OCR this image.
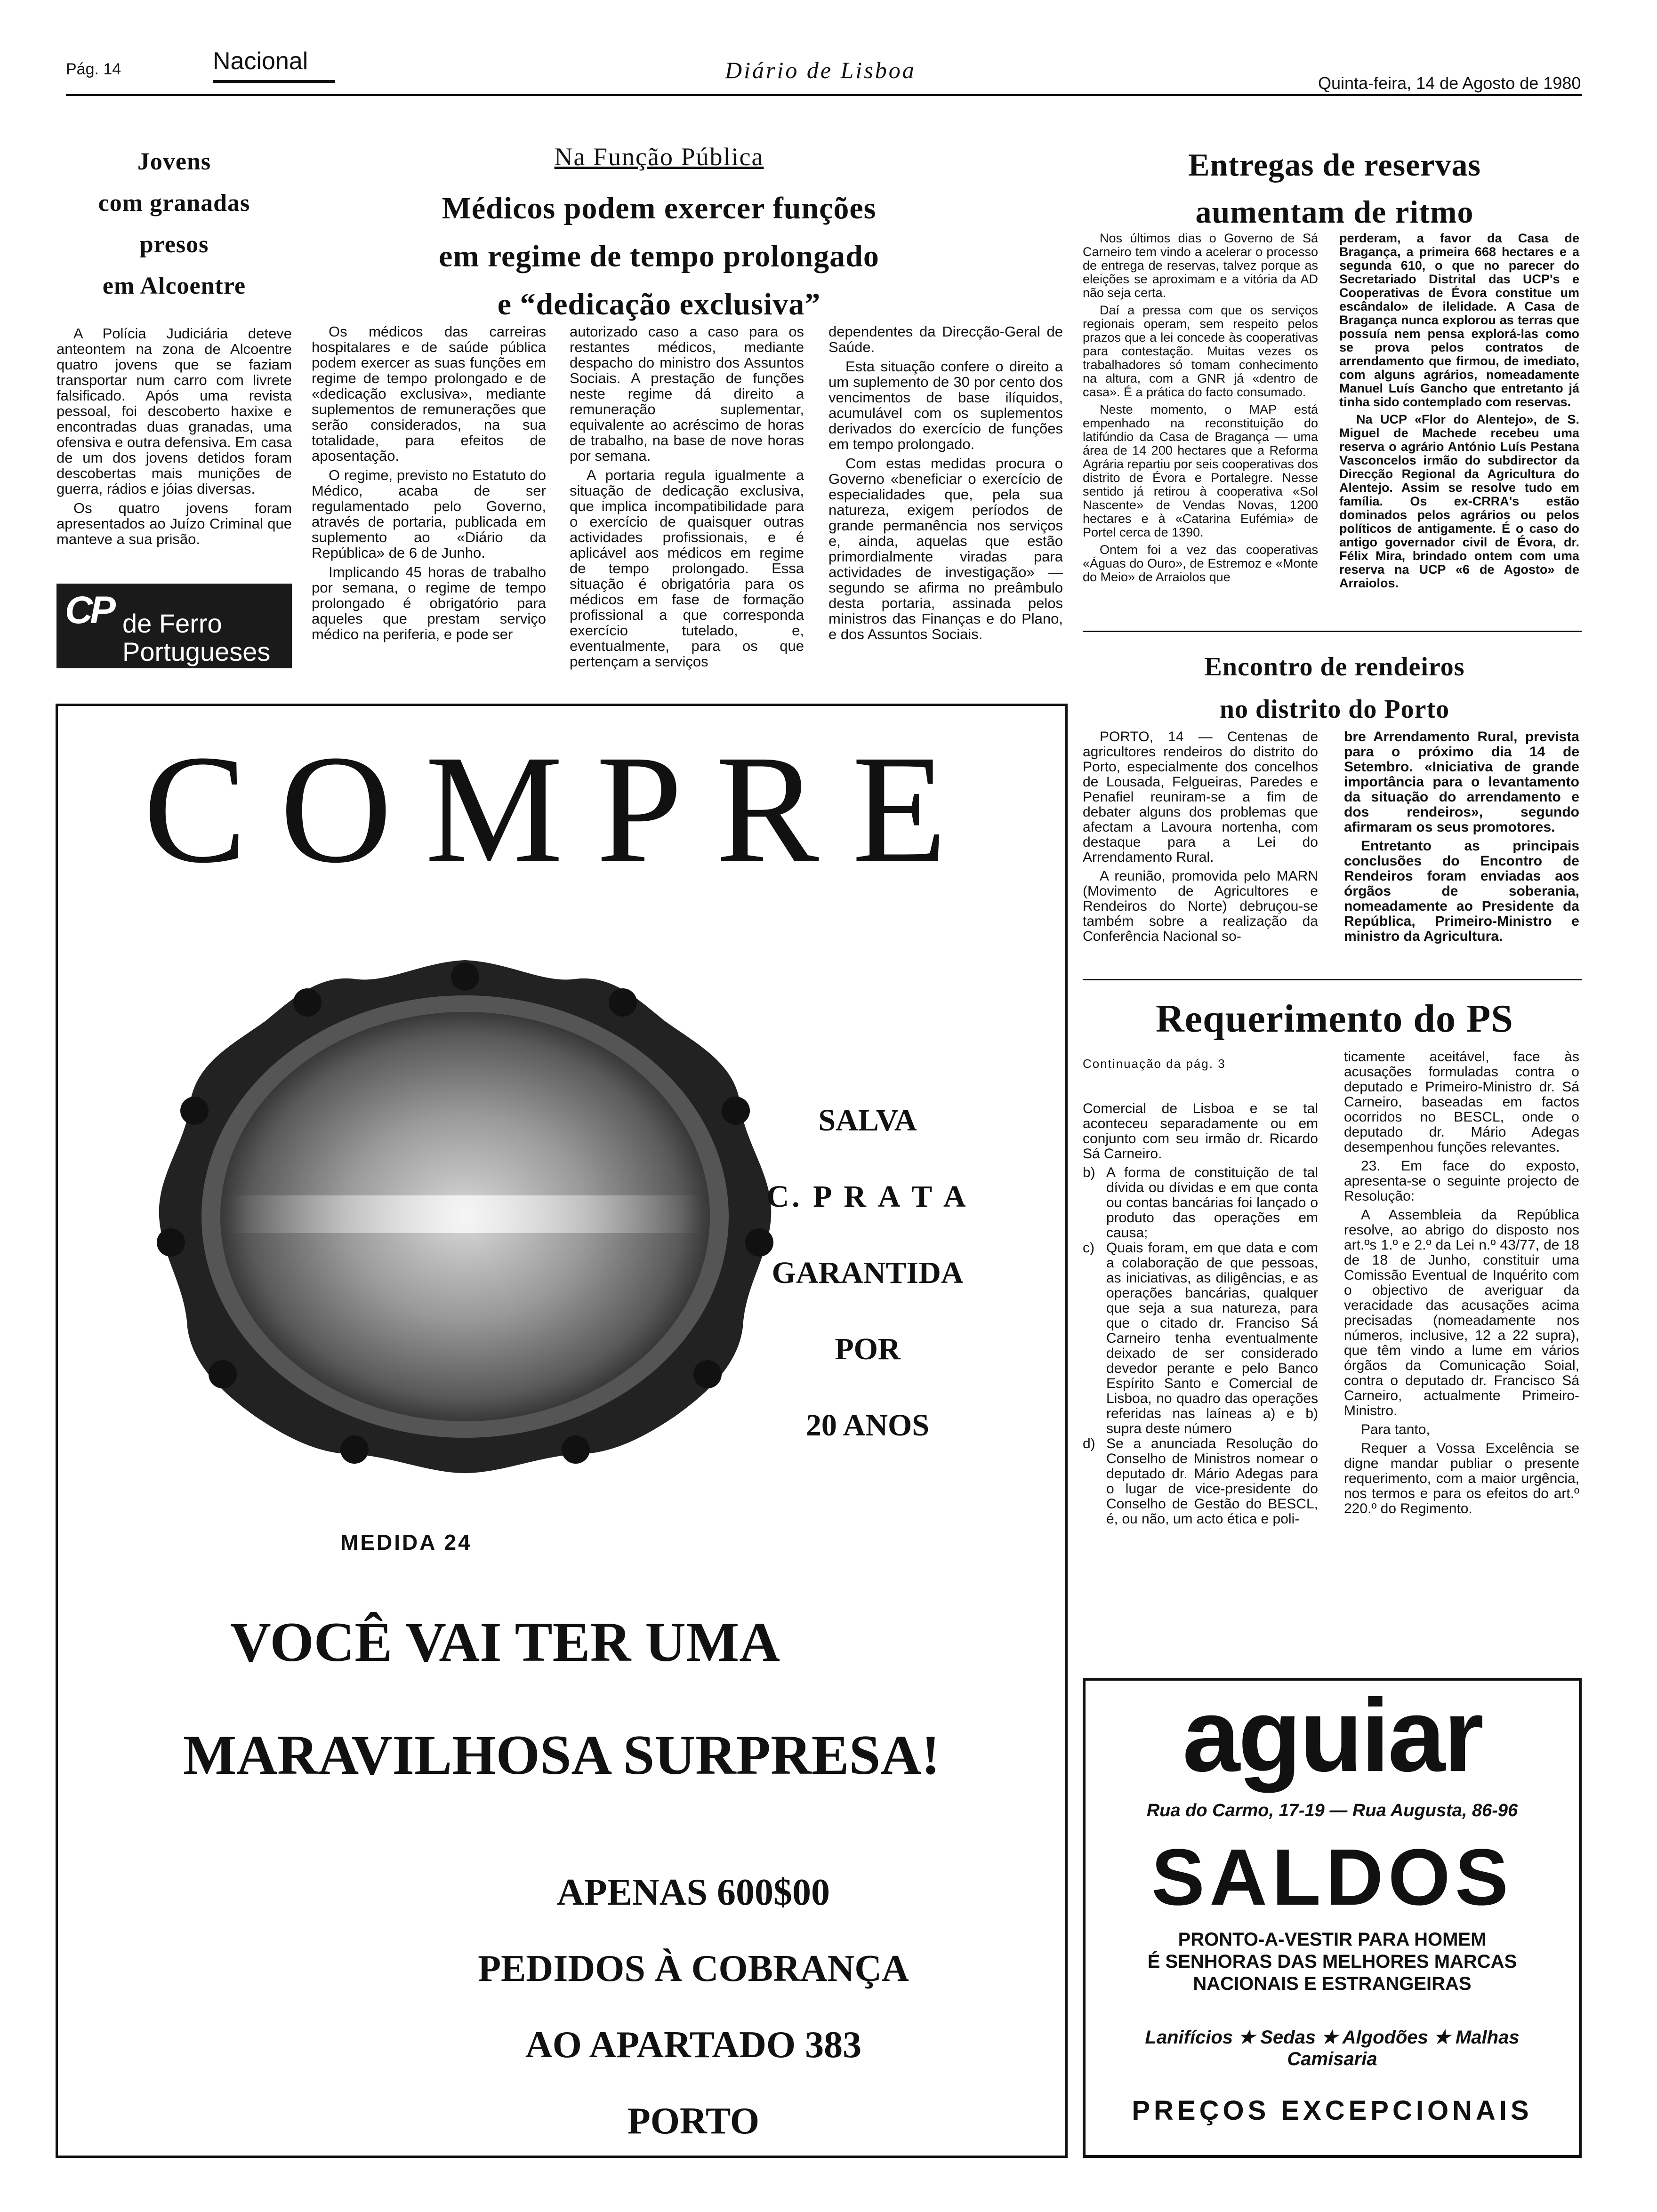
Pág. 14	Nacional	Diário de Lisboa	Quinta-feira, 14 de Agosto de 1980
Jovens
com granadas
presos
em Alcoentre

A Polícia Judiciária deteve anteontem na zona de Alcoentre quatro jovens que se faziam transportar num carro com livrete falsificado. Após uma revista pessoal, foi descoberto haxixe e encontradas duas granadas, uma ofensiva e outra defensiva. Em casa de um dos jovens detidos foram descobertas mais munições de guerra, rádios e jóias diversas.

Os quatro jovens foram apresentados ao Juízo Criminal que manteve a sua prisão.

CP de Ferro
Portugueses
Na Função Pública
Médicos podem exercer funções
em regime de tempo prolongado
e “dedicação exclusiva”

Os médicos das carreiras hospitalares e de saúde pública podem exercer as suas funções em regime de tempo prolongado e de «dedicação exclusiva», mediante suplementos de remunerações que serão considerados, na sua totalidade, para efeitos de aposentação.

O regime, previsto no Estatuto do Médico, acaba de ser regulamentado pelo Governo, através de portaria, publicada em suplemento ao «Diário da República» de 6 de Junho.

Implicando 45 horas de trabalho por semana, o regime de tempo prolongado é obrigatório para aqueles que prestam serviço médico na periferia, e pode ser

autorizado caso a caso para os restantes médicos, mediante despacho do ministro dos Assuntos Sociais. A prestação de funções neste regime dá direito a remuneração suplementar, equivalente ao acréscimo de horas de trabalho, na base de nove horas por semana.

A portaria regula igualmente a situação de dedicação exclusiva, que implica incompatibilidade para o exercício de quaisquer outras actividades profissionais, e é aplicável aos médicos em regime de tempo prolongado. Essa situação é obrigatória para os médicos em fase de formação profissional a que corresponda exercício tutelado, e, eventualmente, para os que pertençam a serviços

dependentes da Direcção-Geral de Saúde.

Esta situação confere o direito a um suplemento de 30 por cento dos vencimentos de base ilíquidos, acumulável com os suplementos derivados do exercício de funções em tempo prolongado.

Com estas medidas procura o Governo «beneficiar o exercício de especialidades que, pela sua natureza, exigem períodos de grande permanência nos serviços e, ainda, aquelas que estão primordialmente viradas para actividades de investigação» — segundo se afirma no preâmbulo desta portaria, assinada pelos ministros das Finanças e do Plano, e dos Assuntos Sociais.

Entregas de reservas
aumentam de ritmo

Nos últimos dias o Governo de Sá Carneiro tem vindo a acelerar o processo de entrega de reservas, talvez porque as eleições se aproximam e a vitória da AD não seja certa.

Daí a pressa com que os serviços regionais operam, sem respeito pelos prazos que a lei concede às cooperativas para contestação. Muitas vezes os trabalhadores só tomam conhecimento na altura, com a GNR já «dentro de casa». É a prática do facto consumado.

Neste momento, o MAP está empenhado na reconstituição do latifúndio da Casa de Bragança — uma área de 14 200 hectares que a Reforma Agrária repartiu por seis cooperativas dos distrito de Évora e Portalegre. Nesse sentido já retirou à cooperativa «Sol Nascente» de Vendas Novas, 1200 hectares e à «Catarina Eufémia» de Portel cerca de 1390.

Ontem foi a vez das cooperativas «Águas do Ouro», de Estremoz e «Monte do Meio» de Arraiolos que

perderam, a favor da Casa de Bragança, a primeira 668 hectares e a segunda 610, o que no parecer do Secretariado Distrital das UCP's e Cooperativas de Évora constitue um escândalo» de ilelidade. A Casa de Bragança nunca explorou as terras que possuía nem pensa explorá-las como se prova pelos contratos de arrendamento que firmou, de imediato, com alguns agrários, nomeadamente Manuel Luís Gancho que entretanto já tinha sido contemplado com reservas.

Na UCP «Flor do Alentejo», de S. Miguel de Machede recebeu uma reserva o agrário António Luís Pestana Vasconcelos irmão do subdirector da Direcção Regional da Agricultura do Alentejo. Assim se resolve tudo em família. Os ex-CRRA's estão dominados pelos agrários ou pelos políticos de antigamente. É o caso do antigo governador civil de Évora, dr. Félix Mira, brindado ontem com uma reserva na UCP «6 de Agosto» de Arraiolos.

Encontro de rendeiros
no distrito do Porto

PORTO, 14 — Centenas de agricultores rendeiros do distrito do Porto, especialmente dos concelhos de Lousada, Felgueiras, Paredes e Penafiel reuniram-se a fim de debater alguns dos problemas que afectam a Lavoura nortenha, com destaque para a Lei do Arrendamento Rural.

A reunião, promovida pelo MARN (Movimento de Agricultores e Rendeiros do Norte) debruçou-se também sobre a realização da Conferência Nacional so-

bre Arrendamento Rural, prevista para o próximo dia 14 de Setembro. «Iniciativa de grande importância para o levantamento da situação do arrendamento e dos rendeiros», segundo afirmaram os seus promotores.

Entretanto as principais conclusões do Encontro de Rendeiros foram enviadas aos órgãos de soberania, nomeadamente ao Presidente da República, Primeiro-Ministro e ministro da Agricultura.

Requerimento do PS
Continuação da pág. 3

Comercial de Lisboa e se tal aconteceu separadamente ou em conjunto com seu irmão dr. Ricardo Sá Carneiro.

b) A forma de constituição de tal dívida ou dívidas e em que conta ou contas bancárias foi lançado o produto das operações em causa;
c) Quais foram, em que data e com a colaboração de que pessoas, as iniciativas, as diligências, e as operações bancárias, qualquer que seja a sua natureza, para que o citado dr. Franciso Sá Carneiro tenha eventualmente deixado de ser considerado devedor perante e pelo Banco Espírito Santo e Comercial de Lisboa, no quadro das operações referidas nas laíneas a) e b) supra deste número
d) Se a anunciada Resolução do Conselho de Ministros nomear o deputado dr. Mário Adegas para o lugar de vice-presidente do Conselho de Gestão do BESCL, é, ou não, um acto ética e poli-

ticamente aceitável, face às acusações formuladas contra o deputado e Primeiro-Ministro dr. Sá Carneiro, baseadas em factos ocorridos no BESCL, onde o deputado dr. Mário Adegas desempenhou funções relevantes.

23. Em face do exposto, apresenta-se o seguinte projecto de Resolução:

A Assembleia da República resolve, ao abrigo do disposto nos art.ºs 1.º e 2.º da Lei n.º 43/77, de 18 de 18 de Junho, constituir uma Comissão Eventual de Inquérito com o objectivo de averiguar da veracidade das acusações acima precisadas (nomeadamente nos números, inclusive, 12 a 22 supra), que têm vindo a lume em vários órgãos da Comunicação Soial, contra o deputado dr. Francisco Sá Carneiro, actualmente Primeiro-Ministro.

Para tanto,

Requer a Vossa Excelência se digne mandar publiar o presente requerimento, com a maior urgência, nos termos e para os efeitos do art.º 220.º do Regimento.

COMPRE
SALVA
C. P R A T A
GARANTIDA
POR
20 ANOS
MEDIDA 24
VOCÊ VAI TER UMA
MARAVILHOSA SURPRESA!
APENAS 600$00
PEDIDOS À COBRANÇA
AO APARTADO 383
PORTO
aguiar
Rua do Carmo, 17-19 — Rua Augusta, 86-96
SALDOS
PRONTO-A-VESTIR PARA HOMEM
É SENHORAS DAS MELHORES MARCAS
NACIONAIS E ESTRANGEIRAS
Lanifícios ★ Sedas ★ Algodões ★ Malhas
Camisaria
PREÇOS EXCEPCIONAIS
